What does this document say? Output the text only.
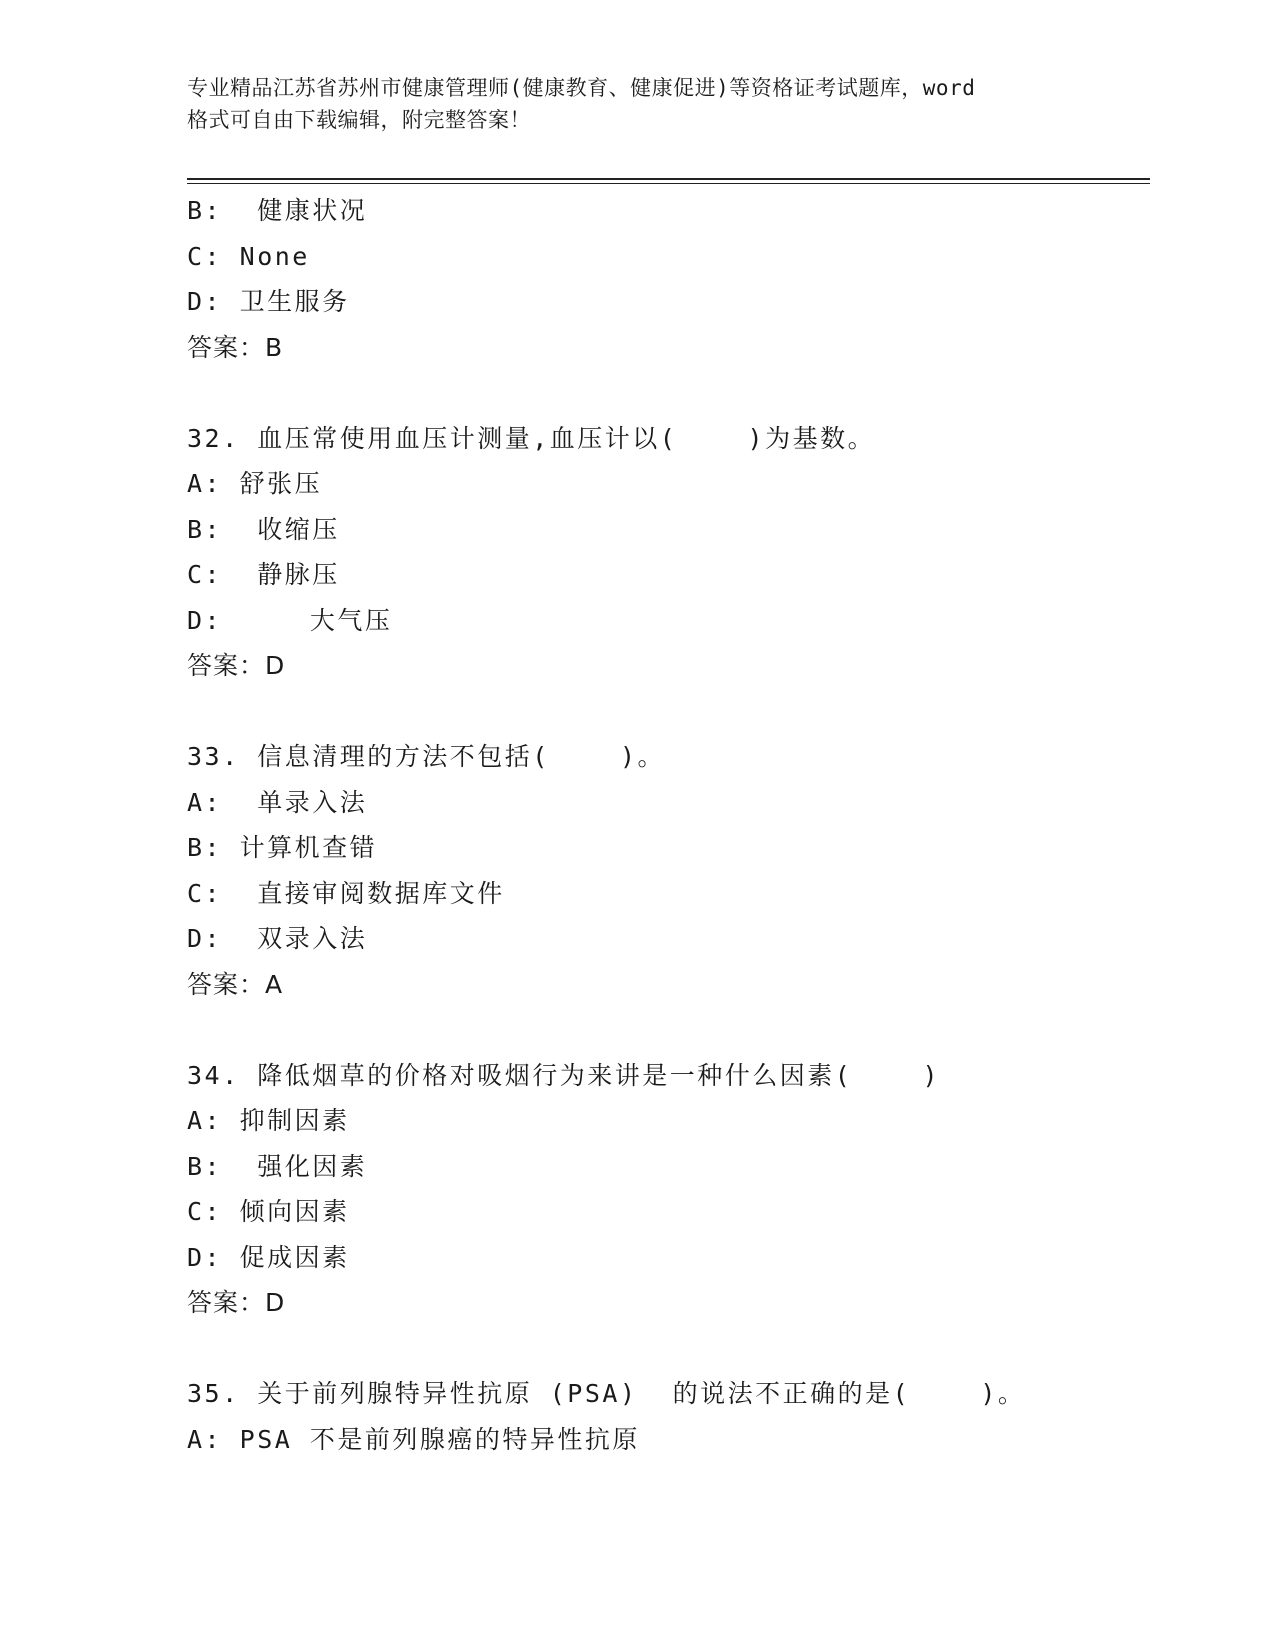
专业精品江苏省苏州市健康管理师(健康教育、健康促进)等资格证考试题库，word
格式可自由下载编辑，附完整答案！
B:  健康状况
C: None
D: 卫生服务
答案：B
32. 血压常使用血压计测量,血压计以(    )为基数。
A: 舒张压
B:  收缩压
C:  静脉压
D:     大气压
答案：D
33. 信息清理的方法不包括(    )。
A:  单录入法
B: 计算机查错
C:  直接审阅数据库文件
D:  双录入法
答案：A
34. 降低烟草的价格对吸烟行为来讲是一种什么因素(    )
A: 抑制因素
B:  强化因素
C: 倾向因素
D: 促成因素
答案：D
35. 关于前列腺特异性抗原 (PSA)  的说法不正确的是(    )。
A: PSA 不是前列腺癌的特异性抗原
